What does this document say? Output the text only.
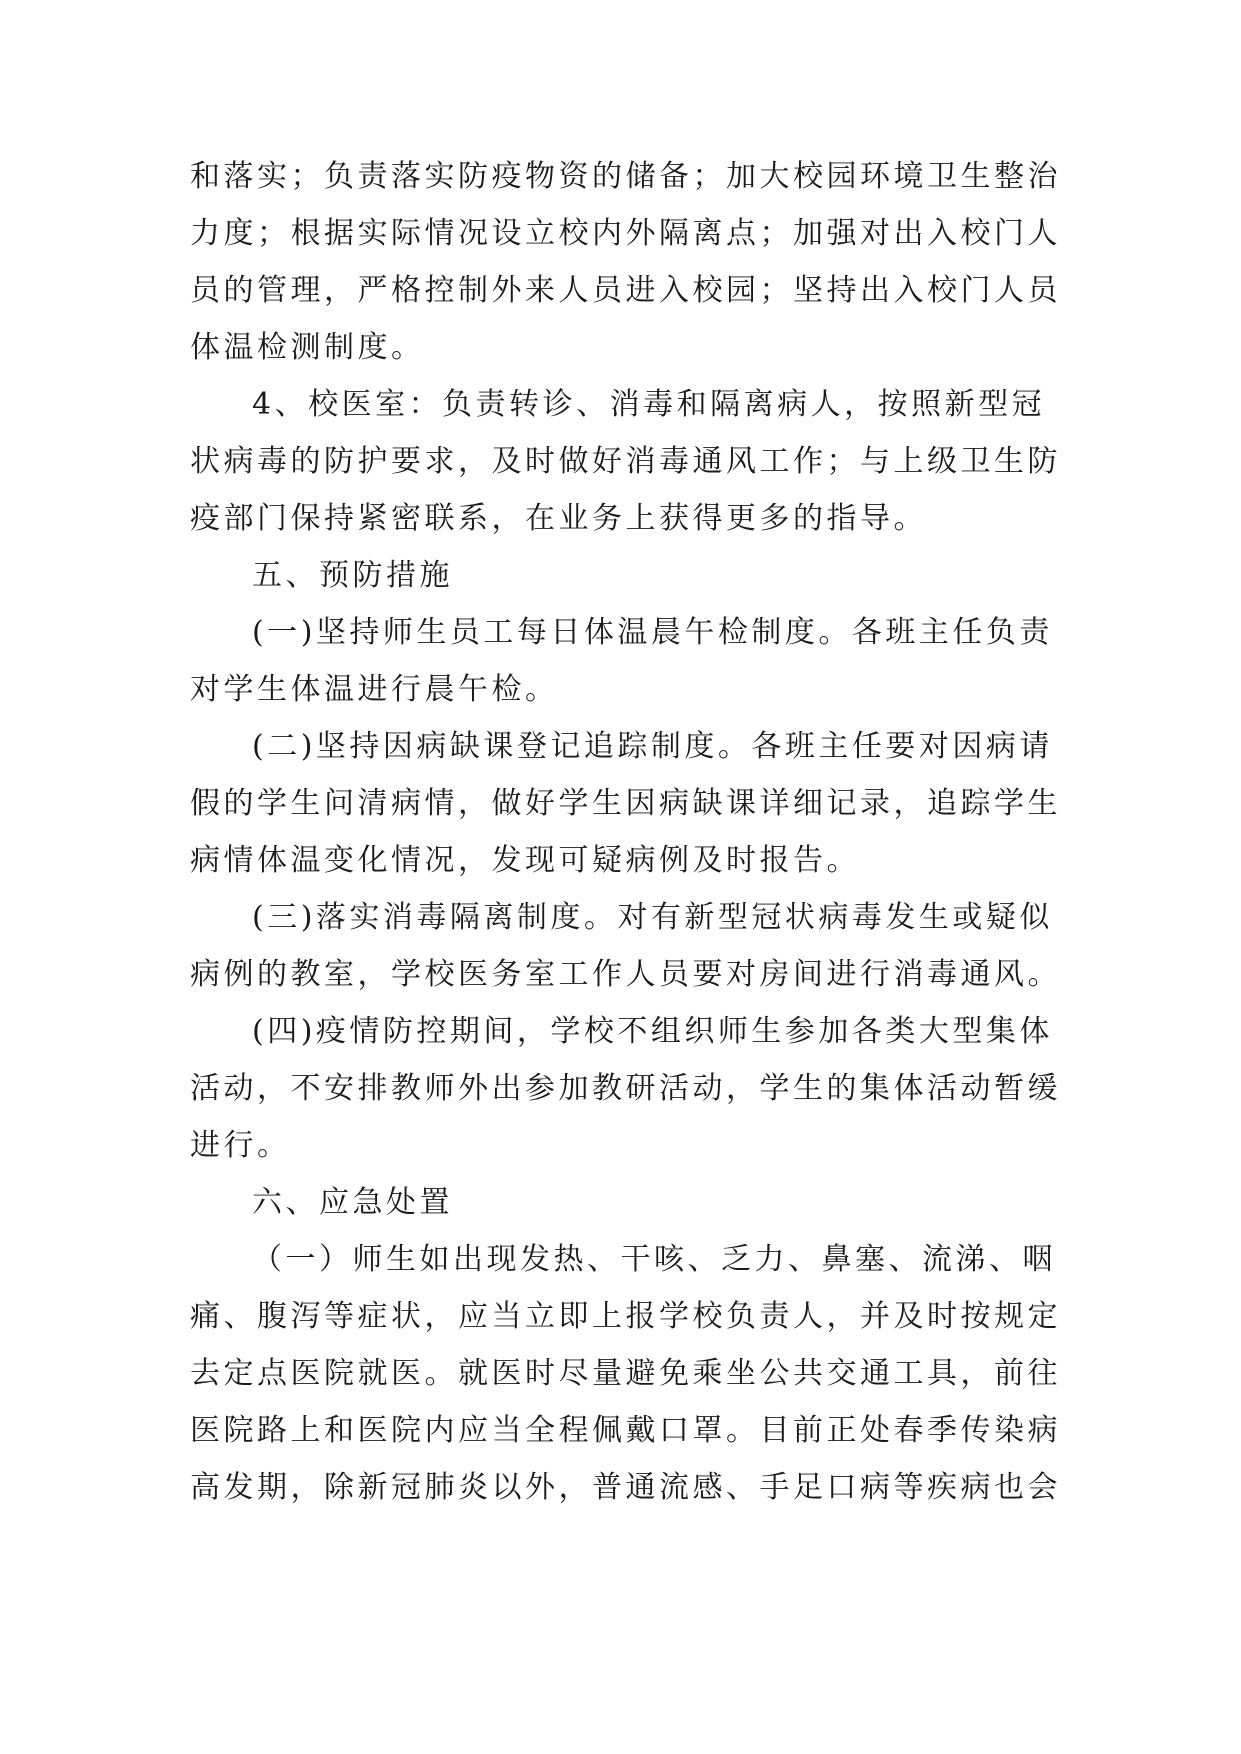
和落实；负责落实防疫物资的储备；加大校园环境卫生整治
力度；根据实际情况设立校内外隔离点；加强对出入校门人
员的管理，严格控制外来人员进入校园；坚持出入校门人员
体温检测制度。
4、校医室：负责转诊、消毒和隔离病人，按照新型冠
状病毒的防护要求，及时做好消毒通风工作；与上级卫生防
疫部门保持紧密联系，在业务上获得更多的指导。
五、预防措施
(一)坚持师生员工每日体温晨午检制度。各班主任负责
对学生体温进行晨午检。
(二)坚持因病缺课登记追踪制度。各班主任要对因病请
假的学生问清病情，做好学生因病缺课详细记录，追踪学生
病情体温变化情况，发现可疑病例及时报告。
(三)落实消毒隔离制度。对有新型冠状病毒发生或疑似
病例的教室，学校医务室工作人员要对房间进行消毒通风。
(四)疫情防控期间，学校不组织师生参加各类大型集体
活动，不安排教师外出参加教研活动，学生的集体活动暂缓
进行。
六、应急处置
（一）师生如出现发热、干咳、乏力、鼻塞、流涕、咽
痛、腹泻等症状，应当立即上报学校负责人，并及时按规定
去定点医院就医。就医时尽量避免乘坐公共交通工具，前往
医院路上和医院内应当全程佩戴口罩。目前正处春季传染病
高发期，除新冠肺炎以外，普通流感、手足口病等疾病也会
